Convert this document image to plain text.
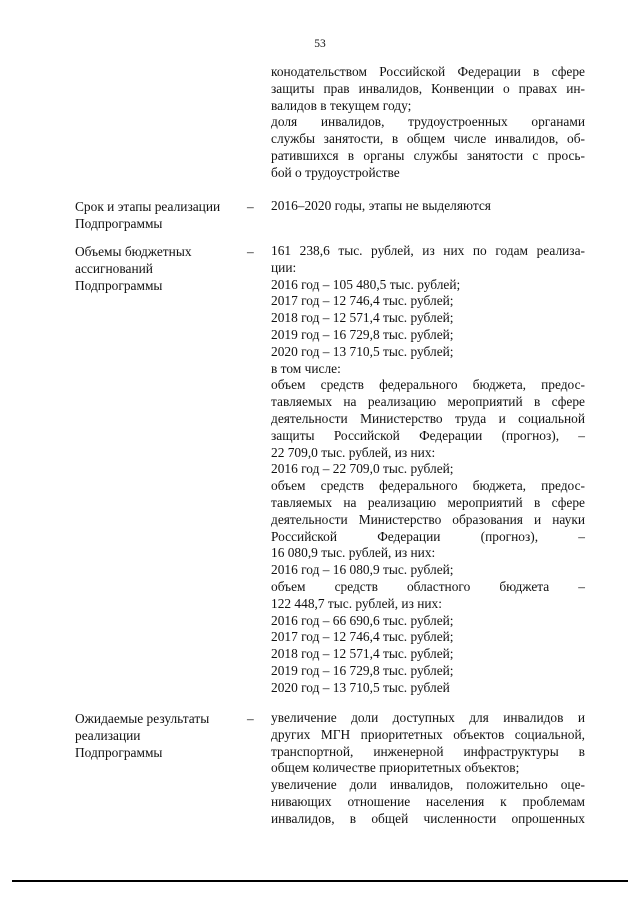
53
конодательством Российской Федерации в сфере
защиты прав инвалидов, Конвенции о правах ин-
валидов в текущем году;
доля инвалидов, трудоустроенных органами
службы занятости, в общем числе инвалидов, об-
ратившихся в органы службы занятости с прось-
бой о трудоустройстве
Срок и этапы реализации
Подпрограммы
– 2016–2020 годы, этапы не выделяются
Объемы бюджетных
ассигнований
Подпрограммы
– 161 238,6 тыс. рублей, из них по годам реализа-
ции:
2016 год – 105 480,5 тыс. рублей;
2017 год – 12 746,4 тыс. рублей;
2018 год – 12 571,4 тыс. рублей;
2019 год – 16 729,8 тыс. рублей;
2020 год – 13 710,5 тыс. рублей;
в том числе:
объем средств федерального бюджета, предос-
тавляемых на реализацию мероприятий в сфере
деятельности Министерство труда и социальной
защиты Российской Федерации (прогноз), –
22 709,0 тыс. рублей, из них:
2016 год – 22 709,0 тыс. рублей;
объем средств федерального бюджета, предос-
тавляемых на реализацию мероприятий в сфере
деятельности Министерство образования и науки
Российской Федерации (прогноз), –
16 080,9 тыс. рублей, из них:
2016 год – 16 080,9 тыс. рублей;
объем средств областного бюджета –
122 448,7 тыс. рублей, из них:
2016 год – 66 690,6 тыс. рублей;
2017 год – 12 746,4 тыс. рублей;
2018 год – 12 571,4 тыс. рублей;
2019 год – 16 729,8 тыс. рублей;
2020 год – 13 710,5 тыс. рублей
Ожидаемые результаты
реализации
Подпрограммы
– увеличение доли доступных для инвалидов и
других МГН приоритетных объектов социальной,
транспортной, инженерной инфраструктуры в
общем количестве приоритетных объектов;
увеличение доли инвалидов, положительно оце-
нивающих отношение населения к проблемам
инвалидов, в общей численности опрошенных
